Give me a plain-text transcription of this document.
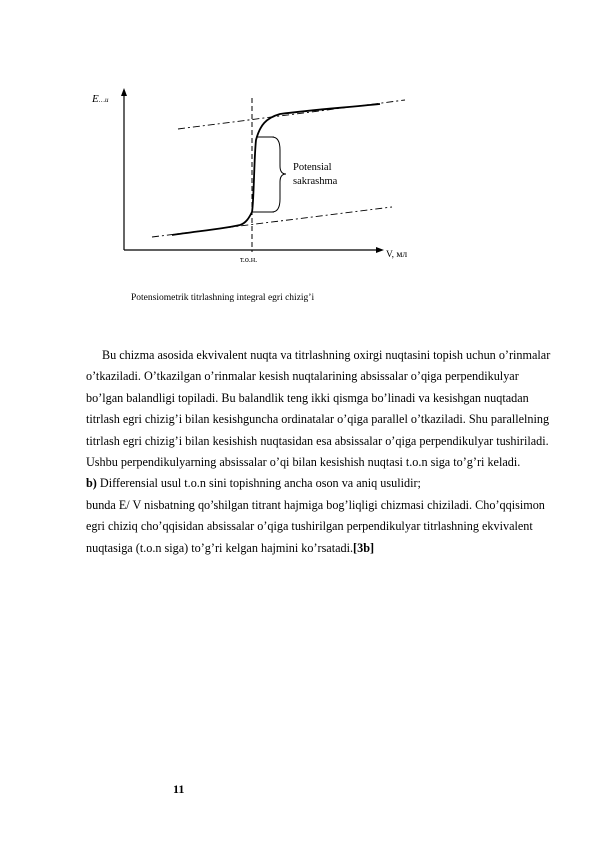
E…и
V, мл
т.о.н.
Potensial
sakrashma
Potensiometrik titrlashning integral egri chizig’i

Bu chizma asosida ekvivalent nuqta va titrlashning oxirgi nuqtasini topish uchun o’rinmalar o’tkaziladi. O’tkazilgan o’rinmalar kesish nuqtalarining absissalar o’qiga perpendikulyar bo’lgan balandligi topiladi. Bu balandlik teng ikki qismga bo’linadi va kesishgan nuqtadan titrlash egri chizig’i bilan kesishguncha ordinatalar o’qiga parallel o’tkaziladi. Shu parallelning titrlash egri chizig’i bilan kesishish nuqtasidan esa absissalar o’qiga perpendikulyar tushiriladi. Ushbu perpendikulyarning absissalar o’qi bilan kesishish nuqtasi t.o.n siga to’g’ri keladi.

b) Differensial usul t.o.n sini topishning ancha oson va aniq usulidir;

bunda E/ V nisbatning qo’shilgan titrant hajmiga bog’liqligi chizmasi chiziladi. Cho’qqisimon egri chiziq cho’qqisidan absissalar o’qiga tushirilgan perpendikulyar titrlashning ekvivalent nuqtasiga (t.o.n siga) to’g’ri kelgan hajmini ko’rsatadi.[3b]

11
